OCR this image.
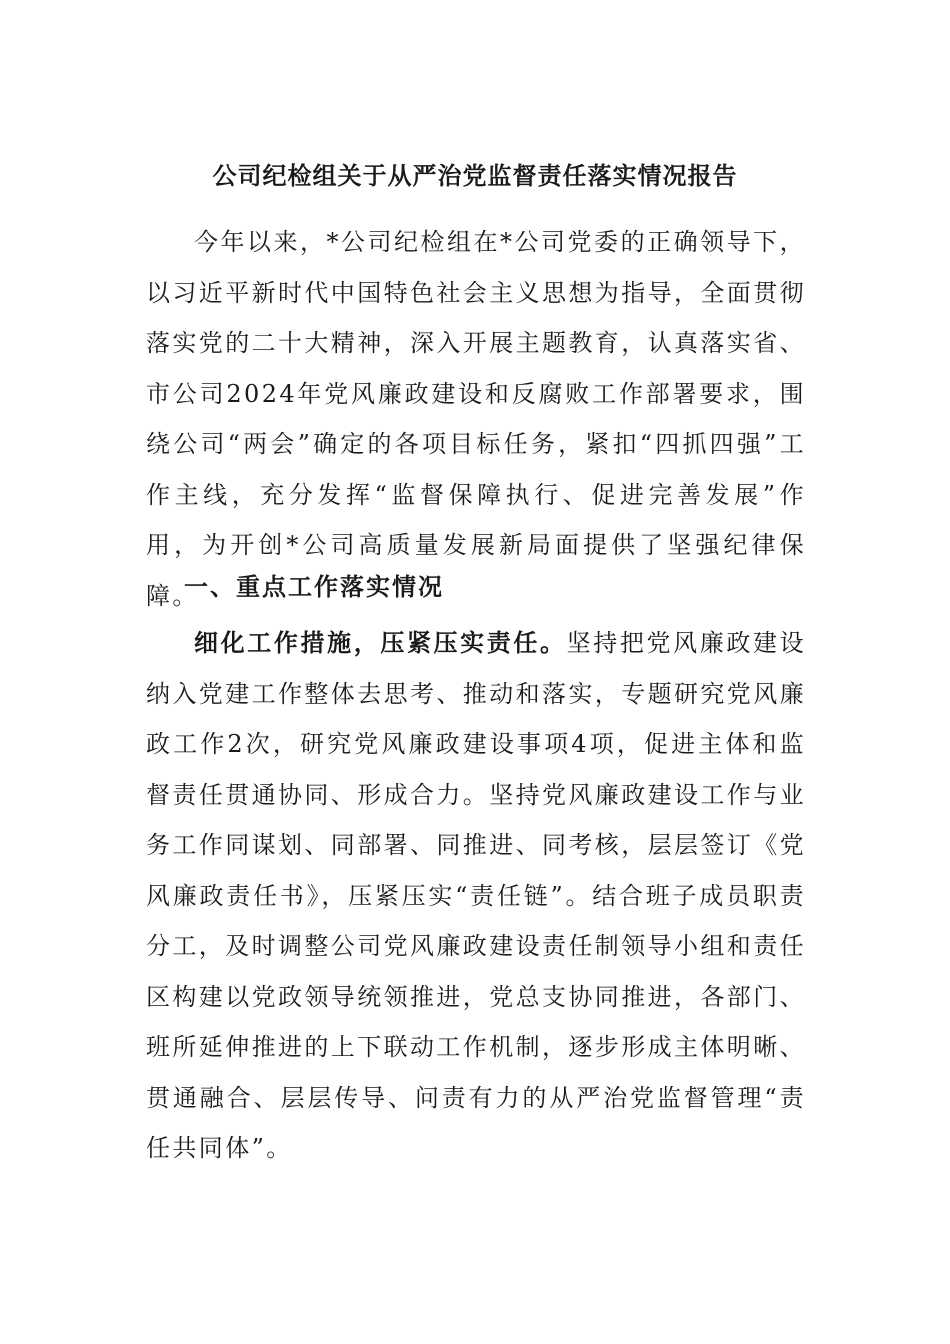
公司纪检组关于从严治党监督责任落实情况报告

今年以来，*公司纪检组在*公司党委的正确领导下，以习近平新时代中国特色社会主义思想为指导，全面贯彻落实党的二十大精神，深入开展主题教育，认真落实省、市公司2024年党风廉政建设和反腐败工作部署要求，围绕公司“两会”确定的各项目标任务，紧扣“四抓四强”工作主线，充分发挥“监督保障执行、促进完善发展”作用，为开创*公司高质量发展新局面提供了坚强纪律保障。

一、重点工作落实情况

细化工作措施，压紧压实责任。坚持把党风廉政建设纳入党建工作整体去思考、推动和落实，专题研究党风廉政工作2次，研究党风廉政建设事项4项，促进主体和监督责任贯通协同、形成合力。坚持党风廉政建设工作与业务工作同谋划、同部署、同推进、同考核，层层签订《党风廉政责任书》，压紧压实“责任链”。结合班子成员职责分工，及时调整公司党风廉政建设责任制领导小组和责任区构建以党政领导统领推进，党总支协同推进，各部门、班所延伸推进的上下联动工作机制，逐步形成主体明晰、贯通融合、层层传导、问责有力的从严治党监督管理“责任共同体”。
